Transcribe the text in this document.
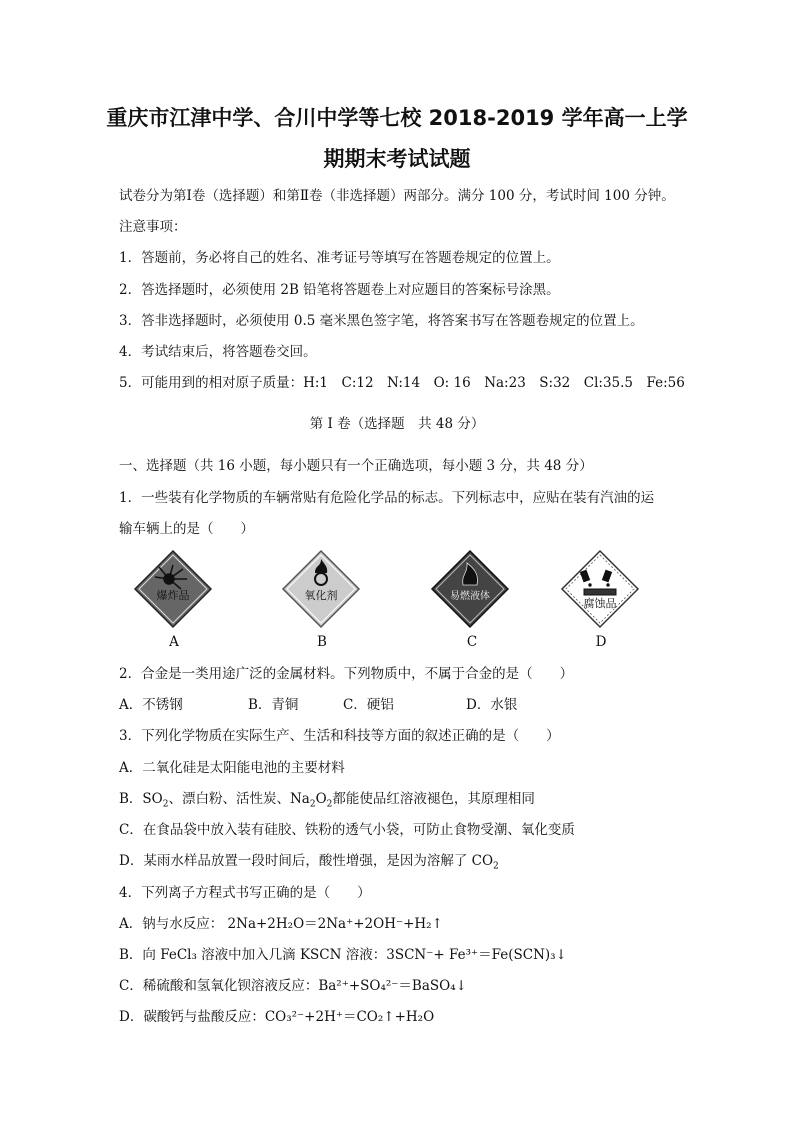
重庆市江津中学、合川中学等七校 2018-2019 学年高一上学
期期末考试试题
试卷分为第Ⅰ卷（选择题）和第Ⅱ卷（非选择题）两部分。满分 100 分，考试时间 100 分钟。
注意事项：
1．答题前，务必将自己的姓名、准考证号等填写在答题卷规定的位置上。
2．答选择题时，必须使用 2B 铅笔将答题卷上对应题目的答案标号涂黑。
3．答非选择题时，必须使用 0.5 毫米黑色签字笔，将答案书写在答题卷规定的位置上。
4．考试结束后，将答题卷交回。
5．可能用到的相对原子质量：H:1　C:12　N:14　O: 16　Na:23　S:32　Cl:35.5　Fe:56
第 I 卷（选择题　共 48 分）
一、选择题（共 16 小题，每小题只有一个正确选项，每小题 3 分，共 48 分）
1．一些装有化学物质的车辆常贴有危险化学品的标志。下列标志中，应贴在装有汽油的运
输车辆上的是（　　）
爆炸品	氧化剂	易燃液体
腐蚀品
A	B	C	D
2．合金是一类用途广泛的金属材料。下列物质中，不属于合金的是（　　）
A．不锈钢	B．青铜	C．硬铝	D．水银
3．下列化学物质在实际生产、生活和科技等方面的叙述正确的是（　　）
A．二氧化硅是太阳能电池的主要材料
B．$SO_2$、漂白粉、活性炭、$Na_2O_2$都能使品红溶液褪色，其原理相同
C．在食品袋中放入装有硅胶、铁粉的透气小袋，可防止食物受潮、氧化变质
D．某雨水样品放置一段时间后，酸性增强，是因为溶解了 $CO_2$
4．下列离子方程式书写正确的是（　　）
A．钠与水反应： 2Na+2H₂O＝2Na⁺+2OH⁻+H₂↑
B．向 FeCl₃ 溶液中加入几滴 KSCN 溶液：3SCN⁻+ Fe³⁺＝Fe(SCN)₃↓
C．稀硫酸和氢氧化钡溶液反应：Ba²⁺+SO₄²⁻＝BaSO₄↓
D．碳酸钙与盐酸反应：CO₃²⁻+2H⁺＝CO₂↑+H₂O
